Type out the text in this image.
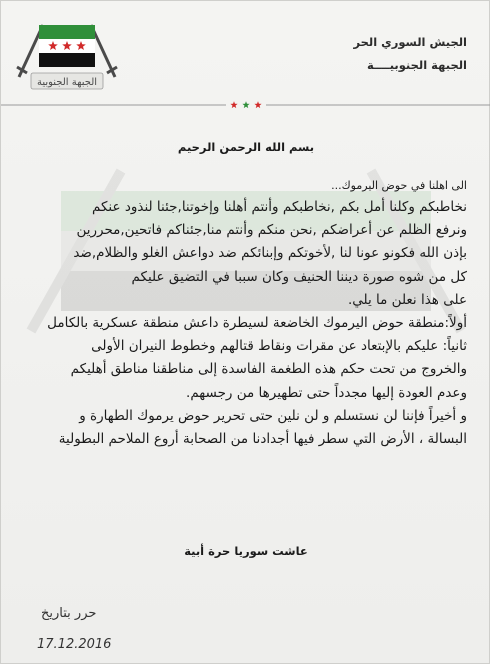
الجبهة الجنوبية
الجيش السوري الحر
الجبهة الجنوبيــــة
بسم الله الرحمن الرحيم
الى اهلنا في حوض اليرموك...
نخاطبكم وكلنا أمل بكم ,نخاطبكم وأنتم أهلنا وإخوتنا,جئنا لنذود عنكم
ونرفع الظلم عن أعراضكم ,نحن منكم وأنتم منا,جئناكم فاتحين,محررين
بإذن الله فكونو عونا لنا ,لأخوتكم وإبنائكم ضد دواعش الغلو والظلام,ضد
كل من شوه صورة ديننا الحنيف وكان سببا في التضيق عليكم
على هذا نعلن ما يلي.
أولاً:منطقة حوض اليرموك الخاضعة لسيطرة داعش منطقة عسكرية بالكامل
ثانياً: عليكم بالإبتعاد عن مقرات ونقاط قتالهم وخطوط النيران الأولى
والخروج من تحت حكم هذه الطغمة الفاسدة إلى مناطقنا مناطق أهليكم
وعدم العودة إليها مجدداً حتى تطهيرها من رجسهم.
و أخيراً فإننا لن نستسلم و لن نلين حتى تحرير حوض يرموك الطهارة و
البسالة ، الأرض التي سطر فيها أجدادنا من الصحابة أروع الملاحم البطولية
عاشت سوريا حرة أبية
حرر بتاريخ
17.12.2016
